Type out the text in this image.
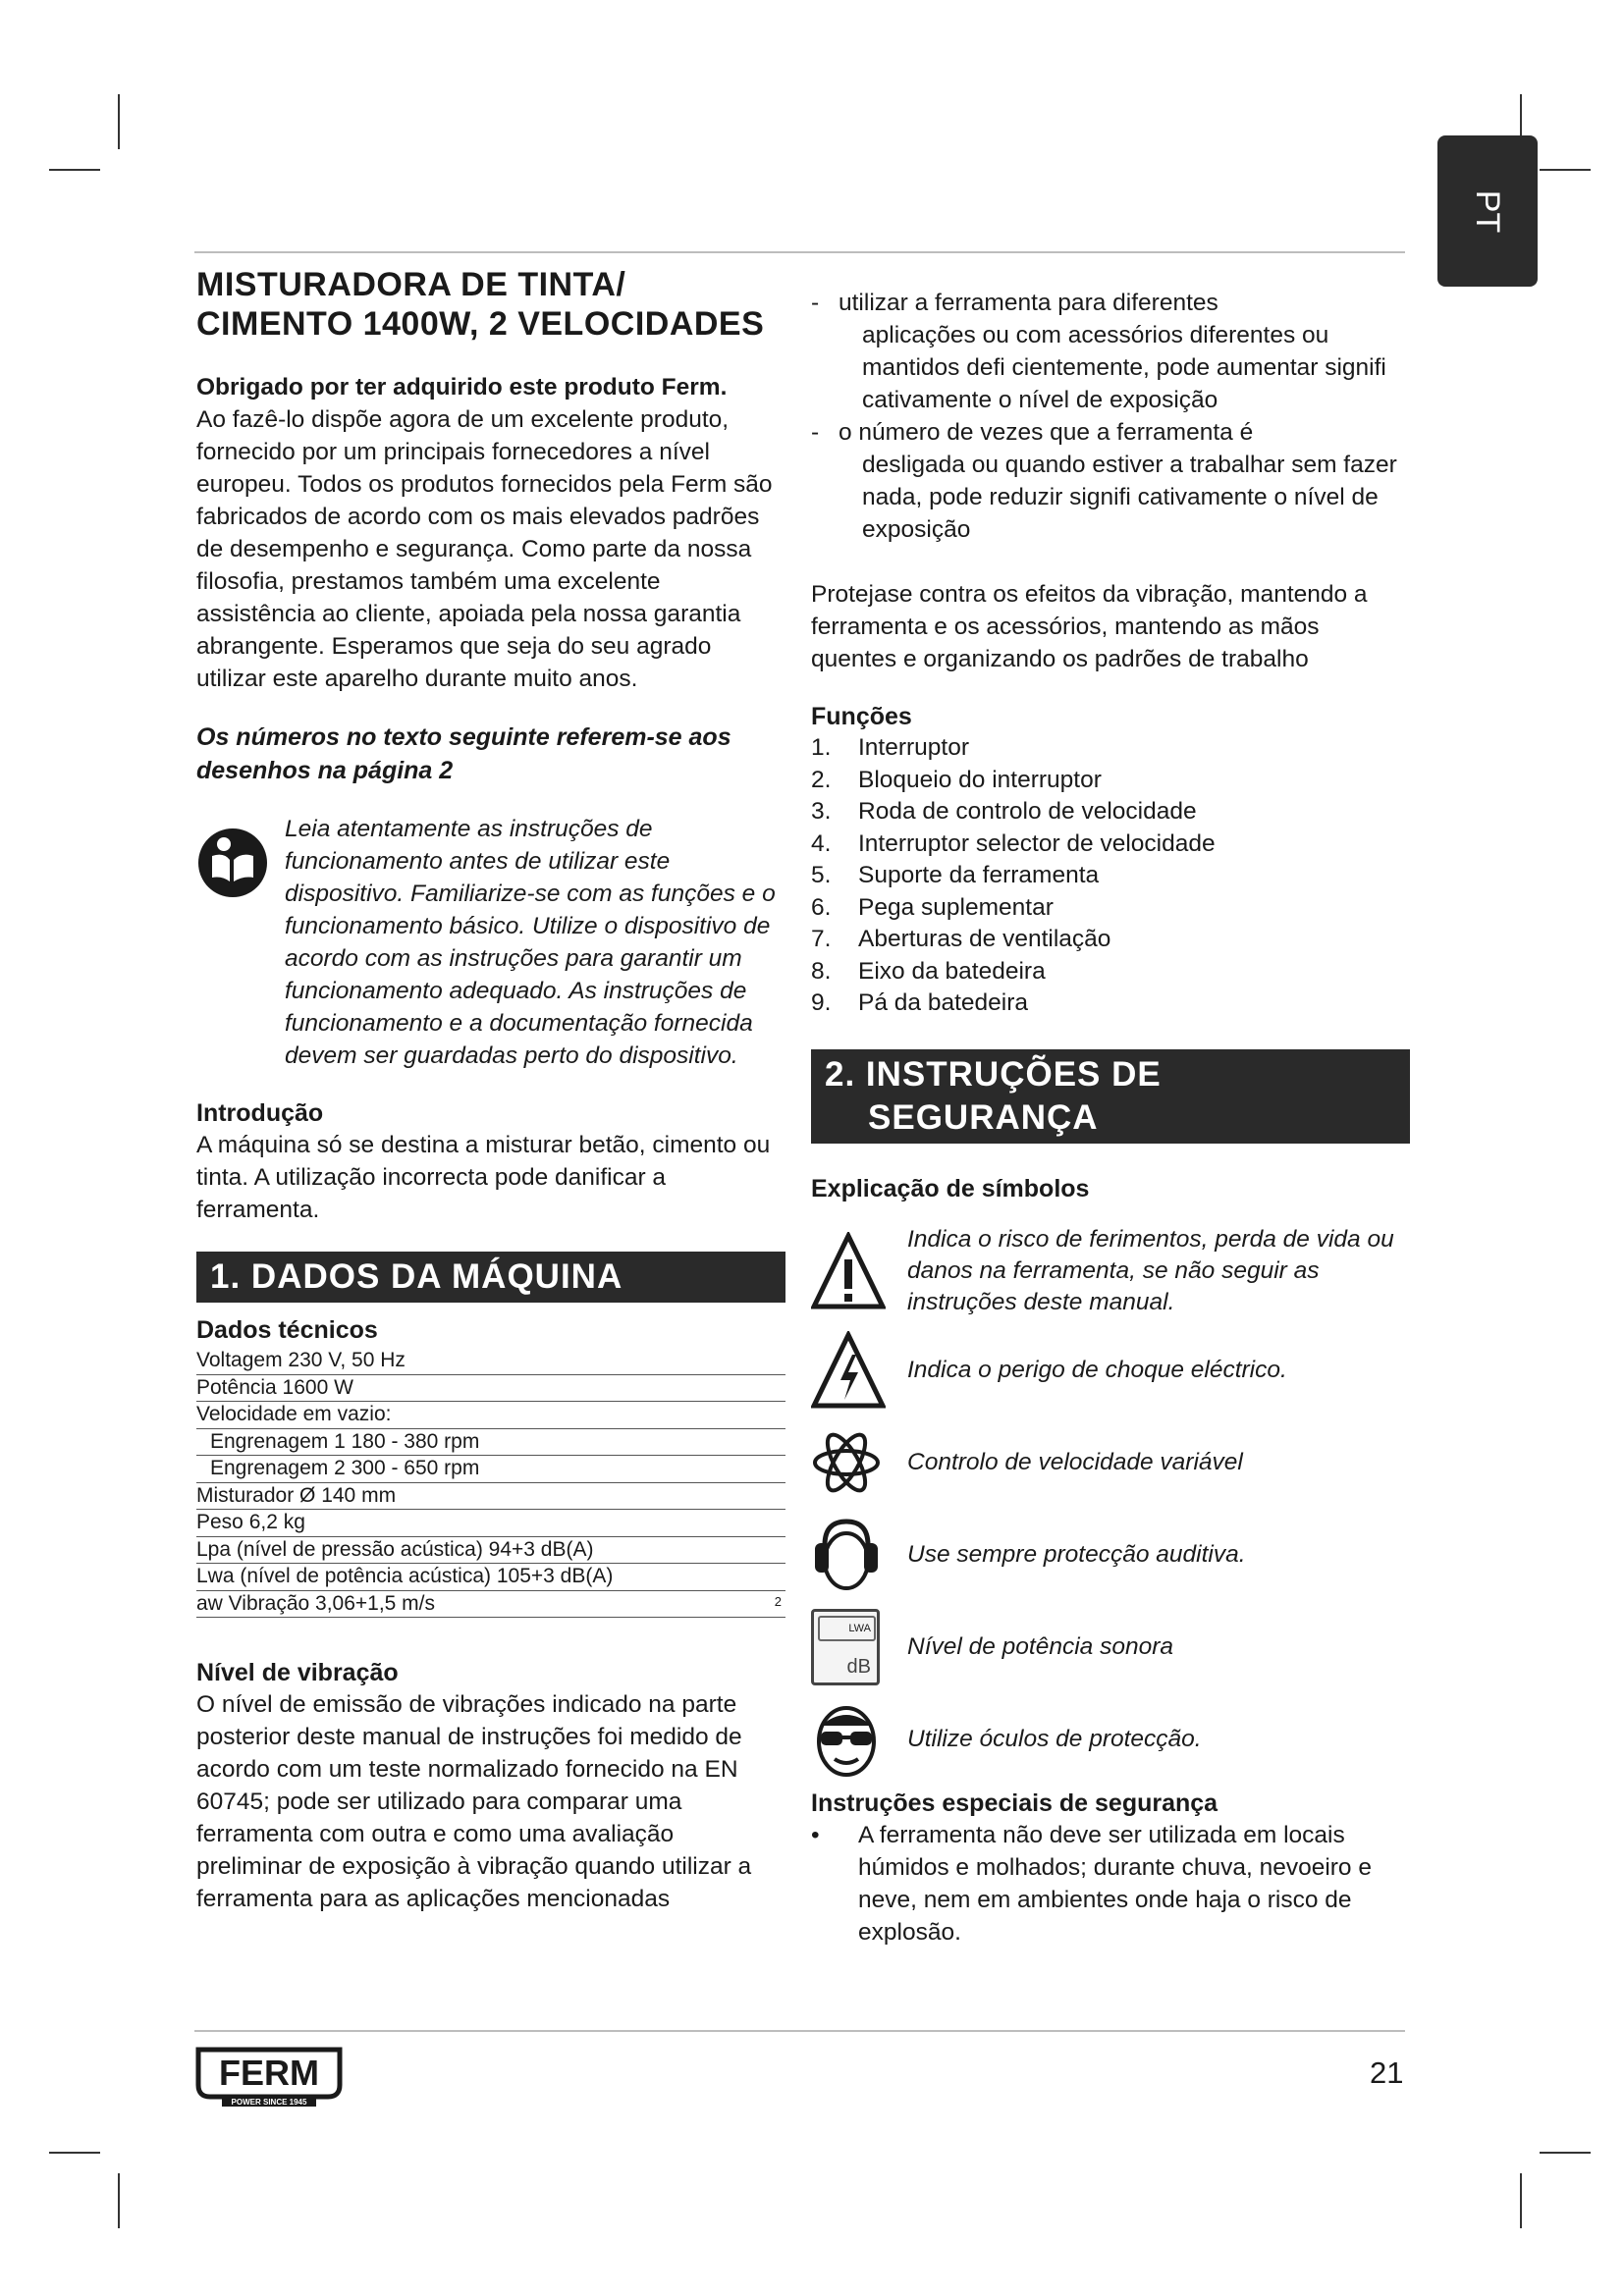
PT
MISTURADORA DE TINTA/
CIMENTO 1400W, 2 VELOCIDADES

Obrigado por ter adquirido este produto Ferm.

Ao fazê-lo dispõe agora de um excelente produto, fornecido por um principais fornecedores a nível europeu. Todos os produtos fornecidos pela Ferm são fabricados de acordo com os mais elevados padrões de desempenho e segurança. Como parte da nossa filosofia, prestamos também uma excelente assistência ao cliente, apoiada pela nossa garantia abrangente. Esperamos que seja do seu agrado utilizar este aparelho durante muito anos.

Os números no texto seguinte referem-se aos desenhos na página 2

Leia atentamente as instruções de funcionamento antes de utilizar este dispositivo. Familiarize-se com as funções e o funcionamento básico. Utilize o dispositivo de acordo com as instruções para garantir um funcionamento adequado. As instruções de funcionamento e a documentação fornecida devem ser guardadas perto do dispositivo.

Introdução

A máquina só se destina a misturar betão, cimento ou tinta. A utilização incorrecta pode danificar a ferramenta.

1. DADOS DA MÁQUINA

Dados técnicos

Voltagem 230 V, 50 Hz
Potência 1600 W
Velocidade em vazio:
Engrenagem 1 180 - 380 rpm
Engrenagem 2 300 - 650 rpm
Misturador Ø 140 mm
Peso 6,2 kg
Lpa (nível de pressão acústica) 94+3 dB(A)
Lwa (nível de potência acústica) 105+3 dB(A)
aw Vibração 3,06+1,5 m/s	2

Nível de vibração

O nível de emissão de vibrações indicado na parte posterior deste manual de instruções foi medido de acordo com um teste normalizado fornecido na EN 60745; pode ser utilizado para comparar uma ferramenta com outra e como uma avaliação preliminar de exposição à vibração quando utilizar a ferramenta para as aplicações mencionadas

- utilizar a ferramenta para diferentes
aplicações ou com acessórios diferentes ou mantidos defi cientemente, pode aumentar signifi cativamente o nível de exposição
- o número de vezes que a ferramenta é
desligada ou quando estiver a trabalhar sem fazer nada, pode reduzir signifi cativamente o nível de exposição

Protejase contra os efeitos da vibração, mantendo a ferramenta e os acessórios, mantendo as mãos quentes e organizando os padrões de trabalho

Funções

1.	Interruptor
2.	Bloqueio do interruptor
3.	Roda de controlo de velocidade
4.	Interruptor selector de velocidade
5.	Suporte da ferramenta
6.	Pega suplementar
7.	Aberturas de ventilação
8.	Eixo da batedeira
9.	Pá da batedeira
2. INSTRUÇÕES DE
SEGURANÇA

Explicação de símbolos

Indica o risco de ferimentos, perda de vida ou danos na ferramenta, se não seguir as instruções deste manual.

Indica o perigo de choque eléctrico.

Controlo de velocidade variável

Use sempre protecção auditiva.

LWA
dB

Nível de potência sonora

Utilize óculos de protecção.

Instruções especiais de segurança

•	A ferramenta não deve ser utilizada em locais húmidos e molhados; durante chuva, nevoeiro e neve, nem em ambientes onde haja o risco de explosão.
FERM
POWER SINCE 1945
21
